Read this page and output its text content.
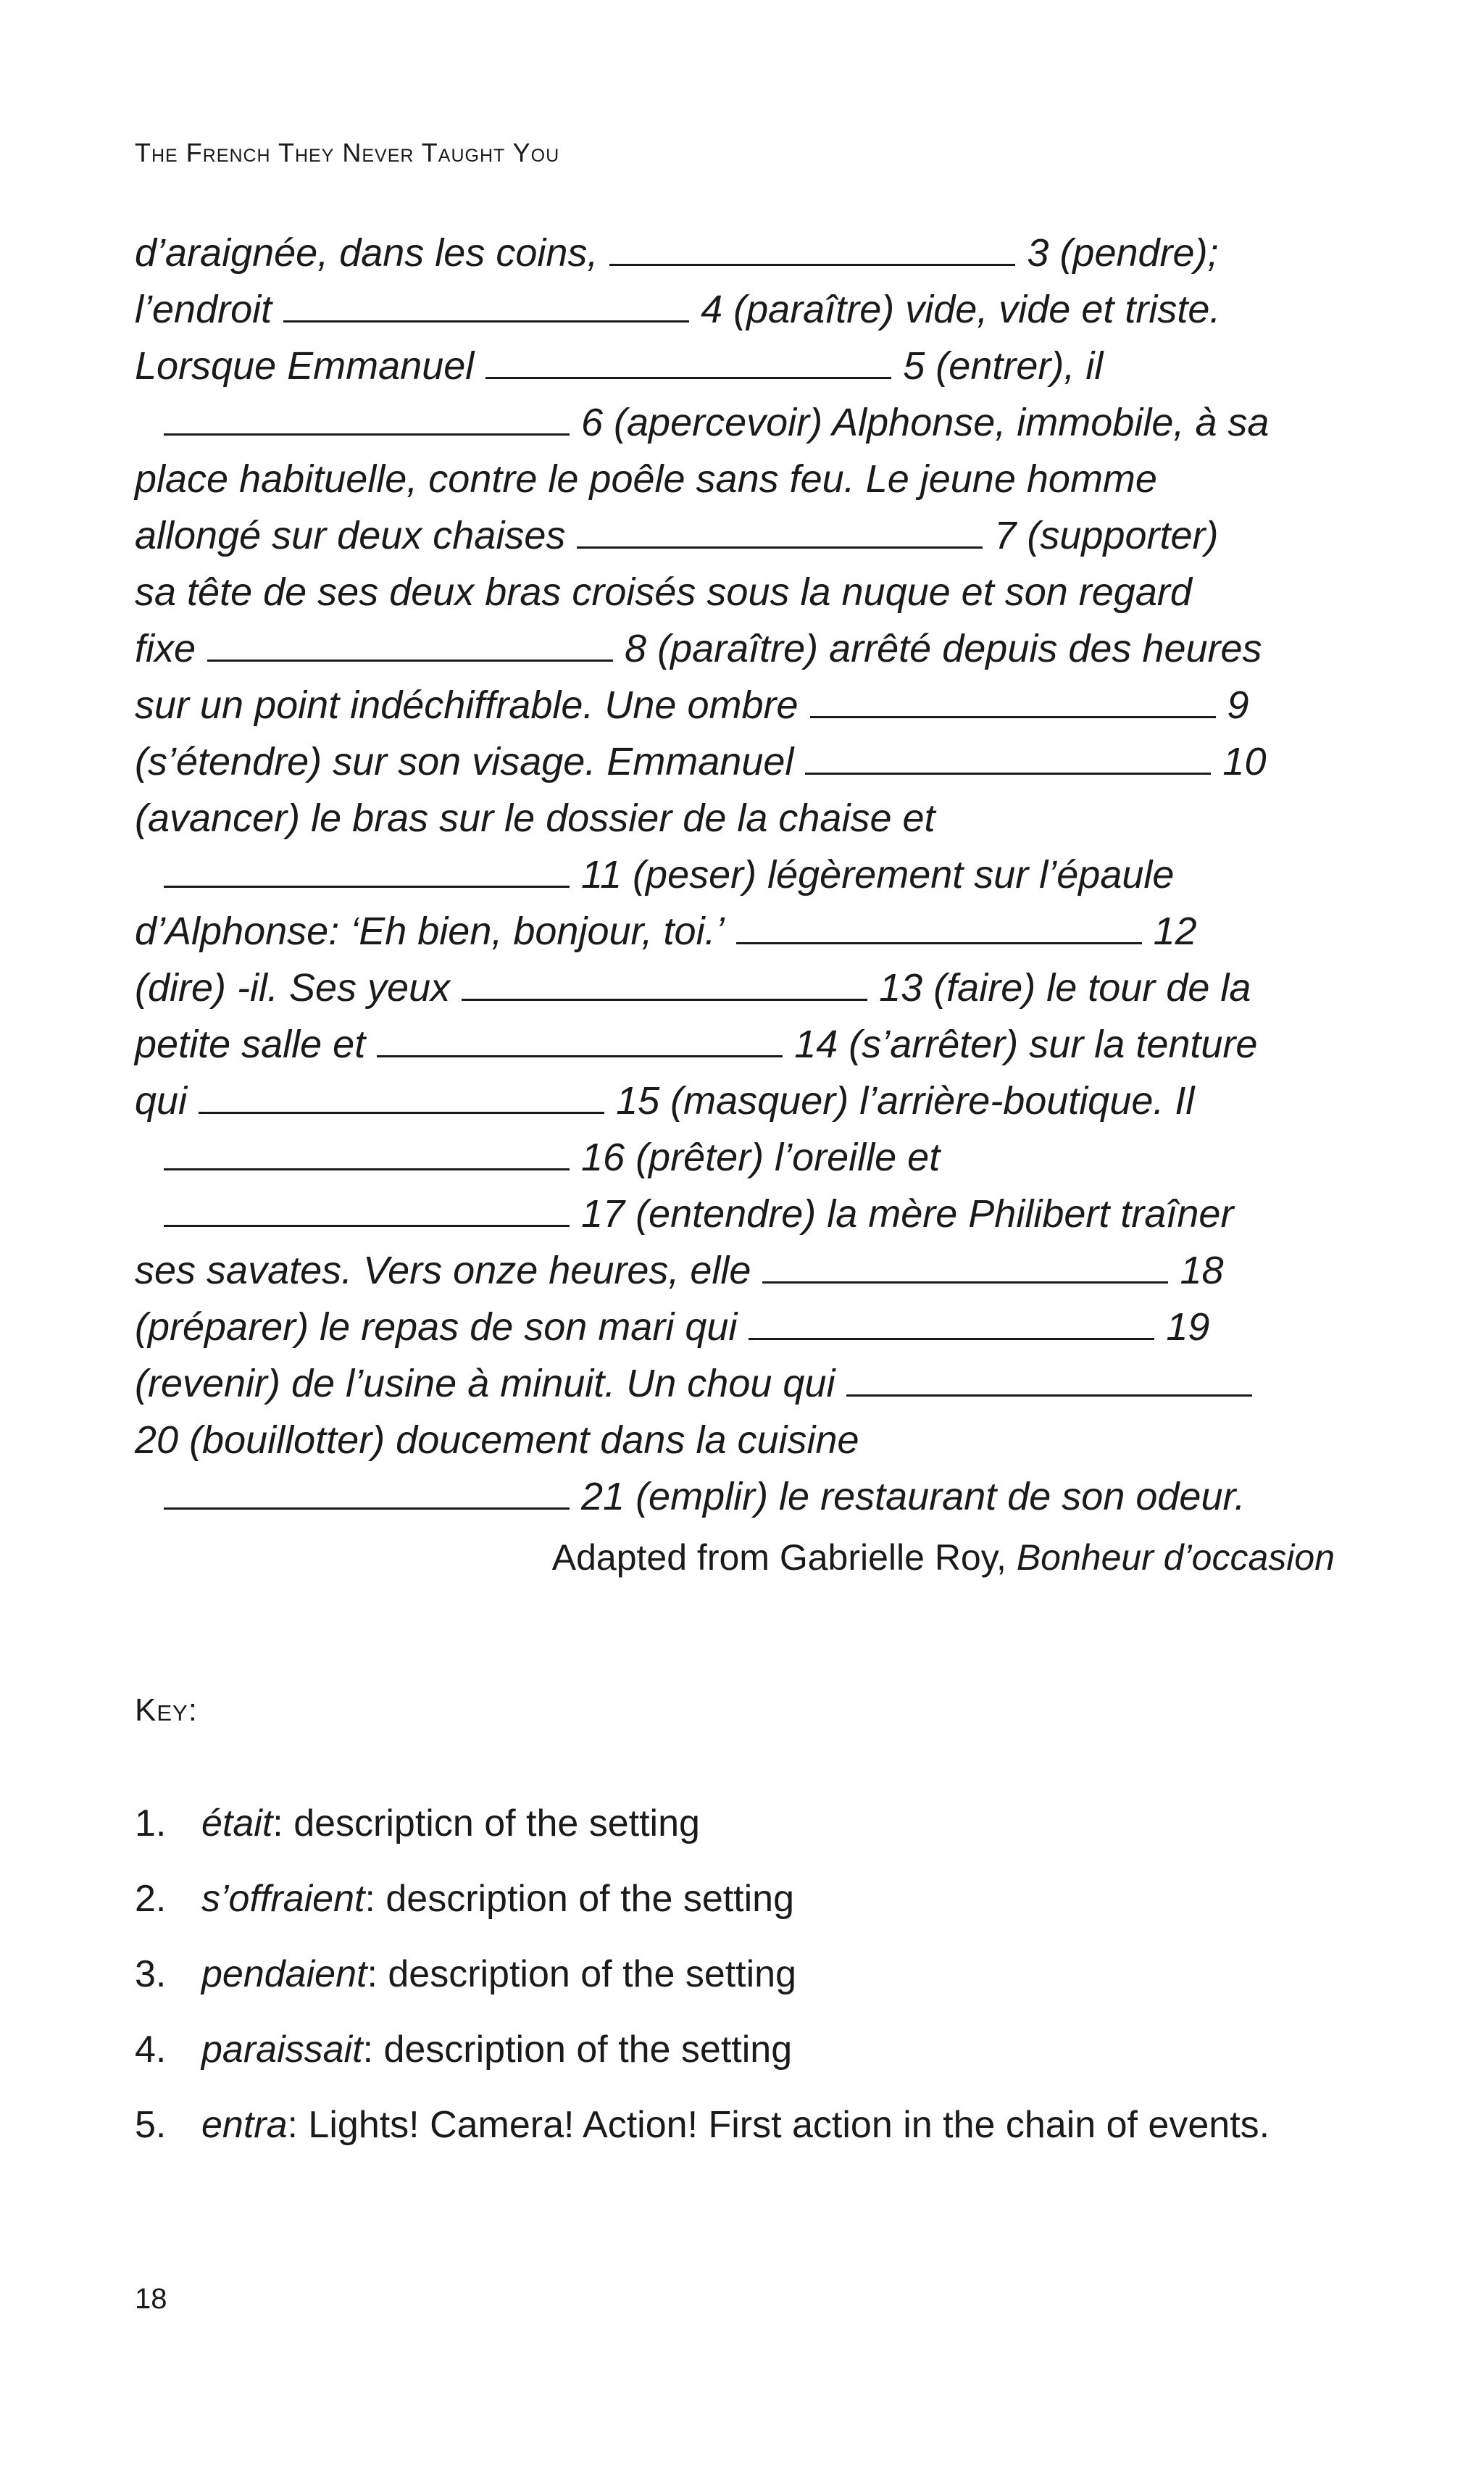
The French They Never Taught You
d’araignée, dans les coins,	3 (pendre);
l’endroit	4 (paraître) vide, vide et triste.
Lorsque Emmanuel	5 (entrer), il
6 (apercevoir) Alphonse, immobile, à sa
place habituelle, contre le poêle sans feu. Le jeune homme
allongé sur deux chaises	7 (supporter)
sa tête de ses deux bras croisés sous la nuque et son regard
fixe	8 (paraître) arrêté depuis des heures
sur un point indéchiffrable. Une ombre	9
(s’étendre) sur son visage. Emmanuel	10
(avancer) le bras sur le dossier de la chaise et
11 (peser) légèrement sur l’épaule
d’Alphonse: ‘Eh bien, bonjour, toi.’	12
(dire) -il. Ses yeux	13 (faire) le tour de la
petite salle et	14 (s’arrêter) sur la tenture
qui	15 (masquer) l’arrière-boutique. Il
16 (prêter) l’oreille et
17 (entendre) la mère Philibert traîner
ses savates. Vers onze heures, elle	18
(préparer) le repas de son mari qui	19
(revenir) de l’usine à minuit. Un chou qui
20 (bouillotter) doucement dans la cuisine
21 (emplir) le restaurant de son odeur.
Adapted from Gabrielle Roy, Bonheur d’occasion
Key:
1. était: descripticn of the setting
2. s’offraient: description of the setting
3. pendaient: description of the setting
4. paraissait: description of the setting
5. entra: Lights! Camera! Action! First action in the chain of events.
18
